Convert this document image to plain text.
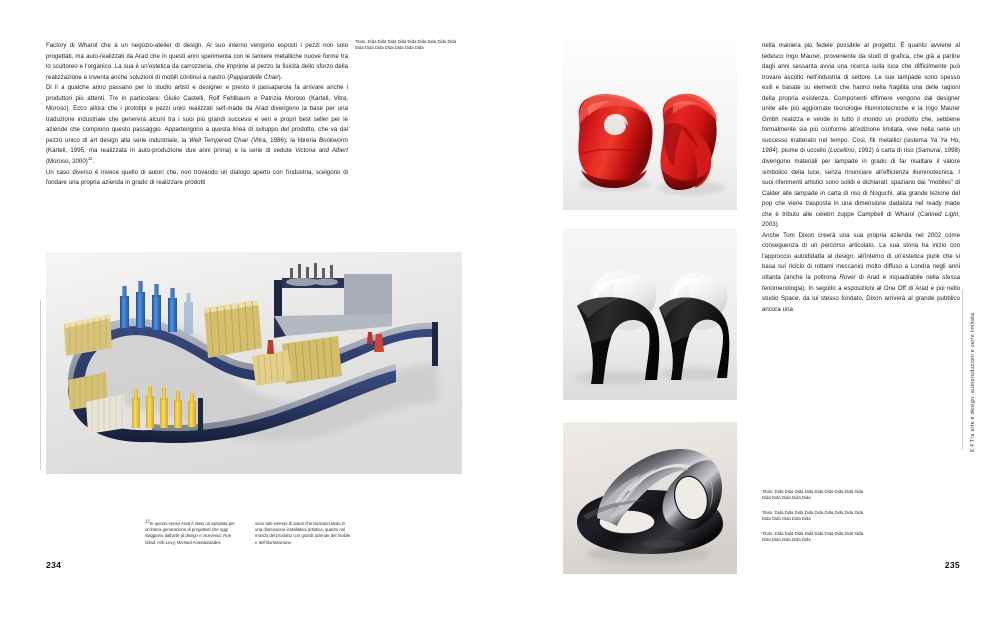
Factory di Wharol che a un negozio-atelier di design. Al suo interno vengono esposti i pezzi non solo progettati, ma auto-realizzati da Arad che in questi anni sperimenta con le lamiere metalliche nuove forme tra lo scultoreo e l'organico. La sua è un'estetica da carrozzeria, che imprime al pezzo la fisicità dello sforzo della realizzazione e inventa anche soluzioni di mobili continui a nastro (Pappardelle Chair).

Di lì a qualche anno passano per lo studio artisti e designer e presto il passaparola fa arrivare anche i produttori più attenti. Tre in particolare: Giulio Castelli, Rolf Fehlbaum e Patrizia Moroso (Kartell, Vitra, Moroso). Ecco allora che i prototipi e pezzi unici realizzati self-made da Arad divengono la base per una traduzione industriale che genererà alcuni tra i suoi più grandi successi e veri e propri best seller per le aziende che compiono questo passaggio. Appartengono a questa linea di sviluppo del prodotto, che va dal pezzo unico di art design alla serie industriale, la Well Tempered Chair (Vitra, 1986), la libreria Bookworm (Kartell, 1995, ma realizzata in auto-produzione due anni prima) e la serie di sedute Victoria and Albert (Moroso, 2000)$^{12}$.

Un caso diverso è invece quello di autori che, non trovando un dialogo aperto con l'industria, scelgono di fondare una propria azienda in grado di realizzare prodotti

Titolo. Dida Dida Dida Dida Dida Dida Dida Dida Dida Dida Dida Dida Dida Dida Dida Dida
12In questo senso Arad è stato un apripista per un'intera generazione di progettisti che oggi viaggiano dall'arte al design e viceversa: Ron Gilad, Arik Levy, Michael Anastassiades
sono tutti esempi di autori che lavorano tanto in una dimensione installativa artistica, quanto nel mondo del prodotto con grandi aziende del mobile e dell'illuminazione.
234

nella maniera più fedele possibile al progetto. È quanto avviene al tedesco Ingo Maurer, proveniente da studi di grafica, che già a partire dagli anni sessanta avvia una ricerca sulla luce che difficilmente può trovare ascolto nell'industria di settore. Le sue lampade sono spesso esili e basate su elementi che hanno nella fragilità una delle ragioni della propria esistenza. Componenti effimere vengono dal designer unite alle più aggiornate tecnologie illuminotecniche e la Ingo Maurer Gmbh realizza e vende in tutto il mondo un prodotto che, sebbene formalmente sia più conforme all'edizione limitata, vive nella serie un successo inalterato nel tempo. Così, fili metallici (sistema Ya Ya Ho, 1984), piume di uccello (Lucellino, 1992) o carta di riso (Samurai, 1998) divengono materiali per lampade in grado di far risaltare il valore simbolico della luce, senza rinunciare all'efficienza illuminotecnica. I suoi riferimenti artistici sono solidi e dichiarati: spaziano dai "mobiles" di Calder alle lampade in carta di riso di Noguchi, alla grande lezione del pop che viene trasposta in una dimensione dadaista nel ready made che è tributo alle celebri zuppe Campbell di Wharol (Canned Light, 2003).

Anche Tom Dixon creerà una sua propria azienda nel 2002 come conseguenza di un percorso articolato. La sua storia ha inizio con l'approccio autodidatta al design, all'interno di un'estetica punk che si basa sul riciclo di rottami meccanici molto diffuso a Londra negli anni ottanta (anche la poltrona Rover di Arad è inquadrabile nella stessa fenomenologia). In seguito a esposizioni al One Off di Arad e poi nello studio Space, da lui stesso fondato, Dixon arriverà al grande pubblico ancora una

Titolo. Dida Dida Dida Dida Dida Dida Dida Dida Dida Dida Dida Dida Dida Dida
Titolo. Dida Dida Dida Dida Dida Dida Dida Dida Dida Dida Dida Dida Dida Dida
Titolo. Dida Dida Dida Dida Dida Dida Dida Dida Dida Dida Dida Dida Dida Dida
235
8.4 Tra arte e design: autoproduzioni e serie limitata
